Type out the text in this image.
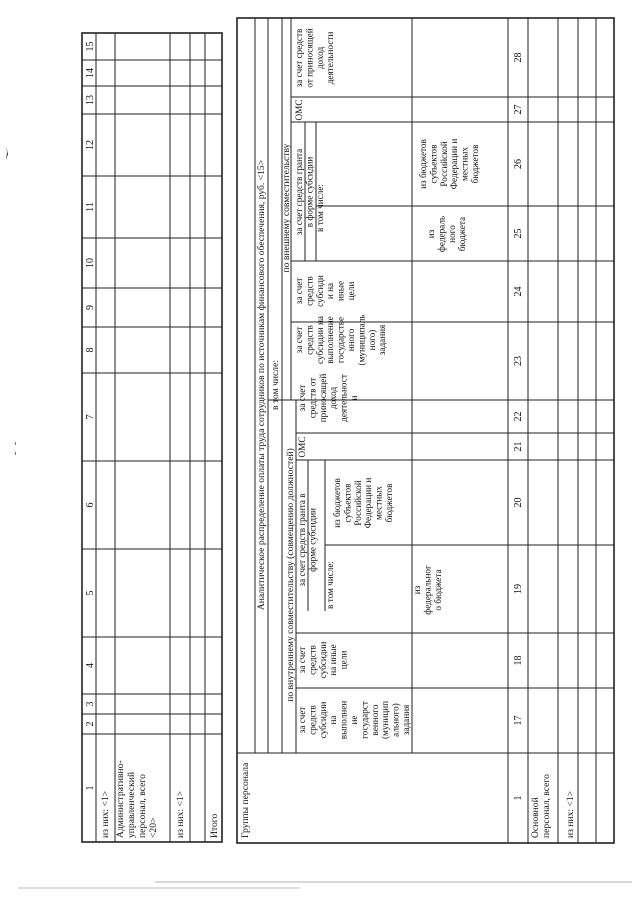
1
2
3
4
5
6
7
8
9
10
11
12
13
14
15
из них: <1> Административно-управленческийперсонал, всего<20> из них: <1> Итого Группы персонала
Аналитическое распределение оплаты труда сотрудников по источникам финансового обеспечения, руб. <15> в том числе:
по внутреннему совместительству (совмещению должностей)
по внешнему совместительству
за счетсредствсубсидиинавыполнениегосударственного(муниципального)задания
за счетсредствсубсидиина иныецели
за счет средств гранта вформе субсидии
в том числе:	изфедерального бюджета
из бюджетовсубъектовРоссийскойФедерации иместныхбюджетов
ОМС
за счетсредств отприносящейдоходдеятельности
за счетсредствсубсидии навыполнениегосударственного(муниципального)задания
за счетсредствсубсидии наиныецели
за счет средств грантав форме субсидии в том числе:
изфедеральногобюджета
из бюджетовсубъектовРоссийскойФедерации иместныхбюджетов
ОМС
за счет средствот приносящейдоходдеятельности
1
17
18
19
20
21
22
23
24
25
26
27
28
Основнойперсонал, всего из них: <1>
